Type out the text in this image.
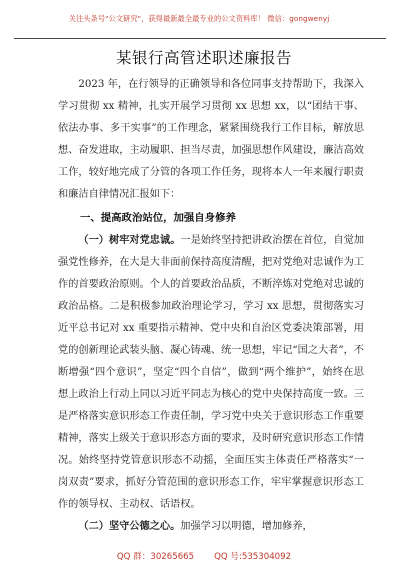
关注头条号"公文研究"，获得最新最全最专业的公文资料库！ 微信：gongwenyj
某银行高管述职述廉报告

2023 年，在行领导的正确领导和各位同事支持帮助下，我深入学习贯彻 xx 精神，扎实开展学习贯彻 xx 思想 xx，以“团结干事、依法办事、多干实事”的工作理念，紧紧围绕我行工作目标，解放思想、奋发进取，主动履职、担当尽责，加强思想作风建设，廉洁高效工作，较好地完成了分管的各项工作任务，现将本人一年来履行职责和廉洁自律情况汇报如下：

一、提高政治站位，加强自身修养

（一）树牢对党忠诚。一是始终坚持把讲政治摆在首位，自觉加强党性修养，在大是大非面前保持高度清醒，把对党绝对忠诚作为工作的首要政治原则。个人的首要政治品质，不断淬炼对党绝对忠诚的政治品格。二是积极参加政治理论学习，学习 xx 思想，贯彻落实习近平总书记对 xx 重要指示精神、党中央和自治区党委决策部署，用党的创新理论武装头脑、凝心铸魂、统一思想，牢记“国之大者”，不断增强“四个意识”，坚定“四个自信”，做到“两个维护”，始终在思想上政治上行动上同以习近平同志为核心的党中央保持高度一致。三是严格落实意识形态工作责任制，学习党中央关于意识形态工作重要精神，落实上级关于意识形态方面的要求，及时研究意识形态工作情况。始终坚持党管意识形态不动摇，全面压实主体责任严格落实“一岗双责”要求，抓好分管范围的意识形态工作，牢牢掌握意识形态工作的领导权、主动权、话语权。

（二）坚守公德之心。加强学习以明德，增加修养，

QQ 群：30265665 QQ 号:535304092
